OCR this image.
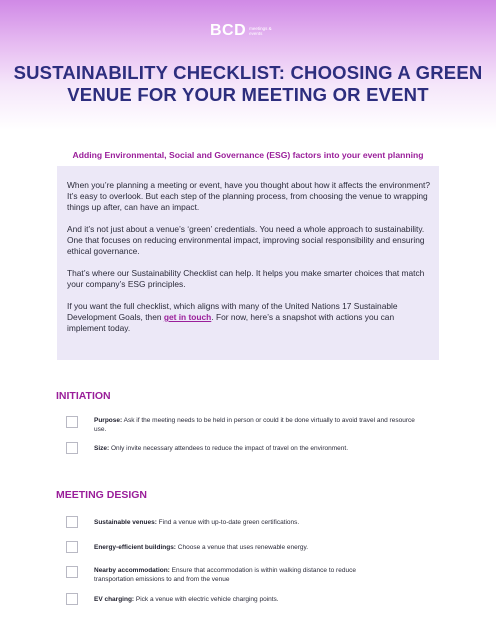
BCD meetings & events
SUSTAINABILITY CHECKLIST: CHOOSING A GREEN VENUE FOR YOUR MEETING OR EVENT
Adding Environmental, Social and Governance (ESG) factors into your event planning

When you’re planning a meeting or event, have you thought about how it affects the environment? It’s easy to overlook. But each step of the planning process, from choosing the venue to wrapping things up after, can have an impact.

And it’s not just about a venue’s ‘green’ credentials. You need a whole approach to sustainability. One that focuses on reducing environmental impact, improving social responsibility and ensuring ethical governance.

That’s where our Sustainability Checklist can help. It helps you make smarter choices that match your company’s ESG principles.

If you want the full checklist, which aligns with many of the United Nations 17 Sustainable Development Goals, then get in touch. For now, here’s a snapshot with actions you can implement today.

INITIATION
Purpose: Ask if the meeting needs to be held in person or could it be done virtually to avoid travel and resource use.
Size: Only invite necessary attendees to reduce the impact of travel on the environment.
MEETING DESIGN
Sustainable venues: Find a venue with up-to-date green certifications.
Energy-efficient buildings: Choose a venue that uses renewable energy.
Nearby accommodation: Ensure that accommodation is within walking distance to reduce transportation emissions to and from the venue
EV charging: Pick a venue with electric vehicle charging points.
